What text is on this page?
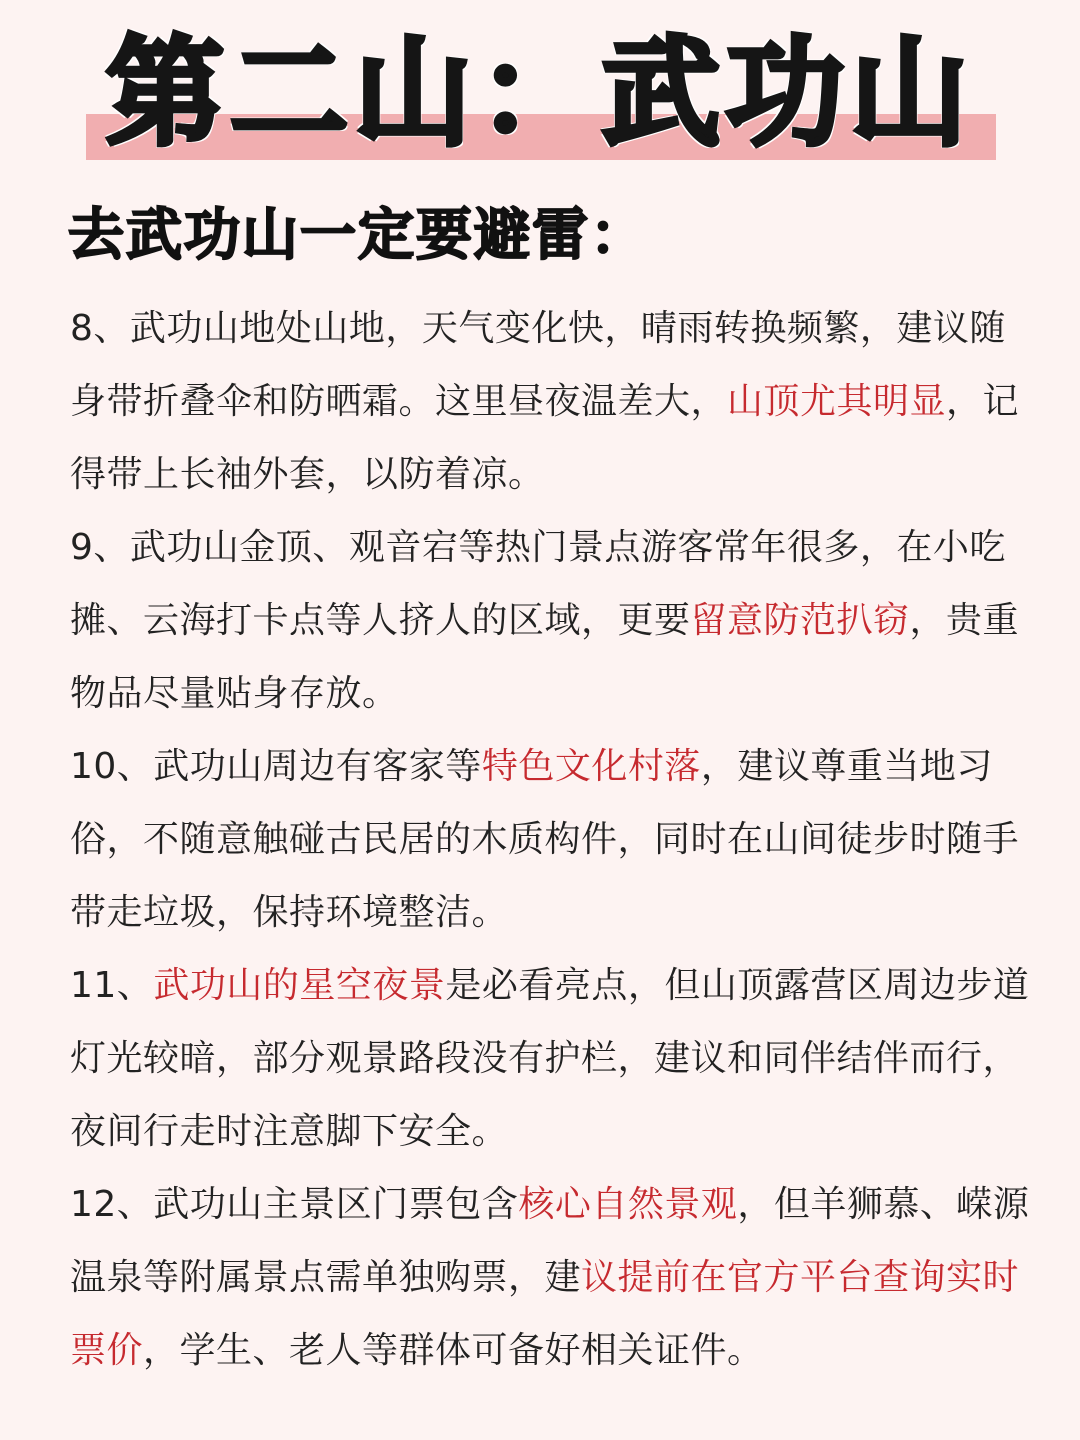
第二山：武功山
去武功山一定要避雷：

8、武功山地处山地，天气变化快，晴雨转换频繁，建议随身带折叠伞和防晒霜。这里昼夜温差大，山顶尤其明显，记得带上长袖外套，以防着凉。

9、武功山金顶、观音宕等热门景点游客常年很多，在小吃摊、云海打卡点等人挤人的区域，更要留意防范扒窃，贵重物品尽量贴身存放。

10、武功山周边有客家等特色文化村落，建议尊重当地习俗，不随意触碰古民居的木质构件，同时在山间徒步时随手带走垃圾，保持环境整洁。

11、武功山的星空夜景是必看亮点，但山顶露营区周边步道灯光较暗，部分观景路段没有护栏，建议和同伴结伴而行，夜间行走时注意脚下安全。

12、武功山主景区门票包含核心自然景观，但羊狮慕、嵘源温泉等附属景点需单独购票，建议提前在官方平台查询实时票价，学生、老人等群体可备好相关证件。
